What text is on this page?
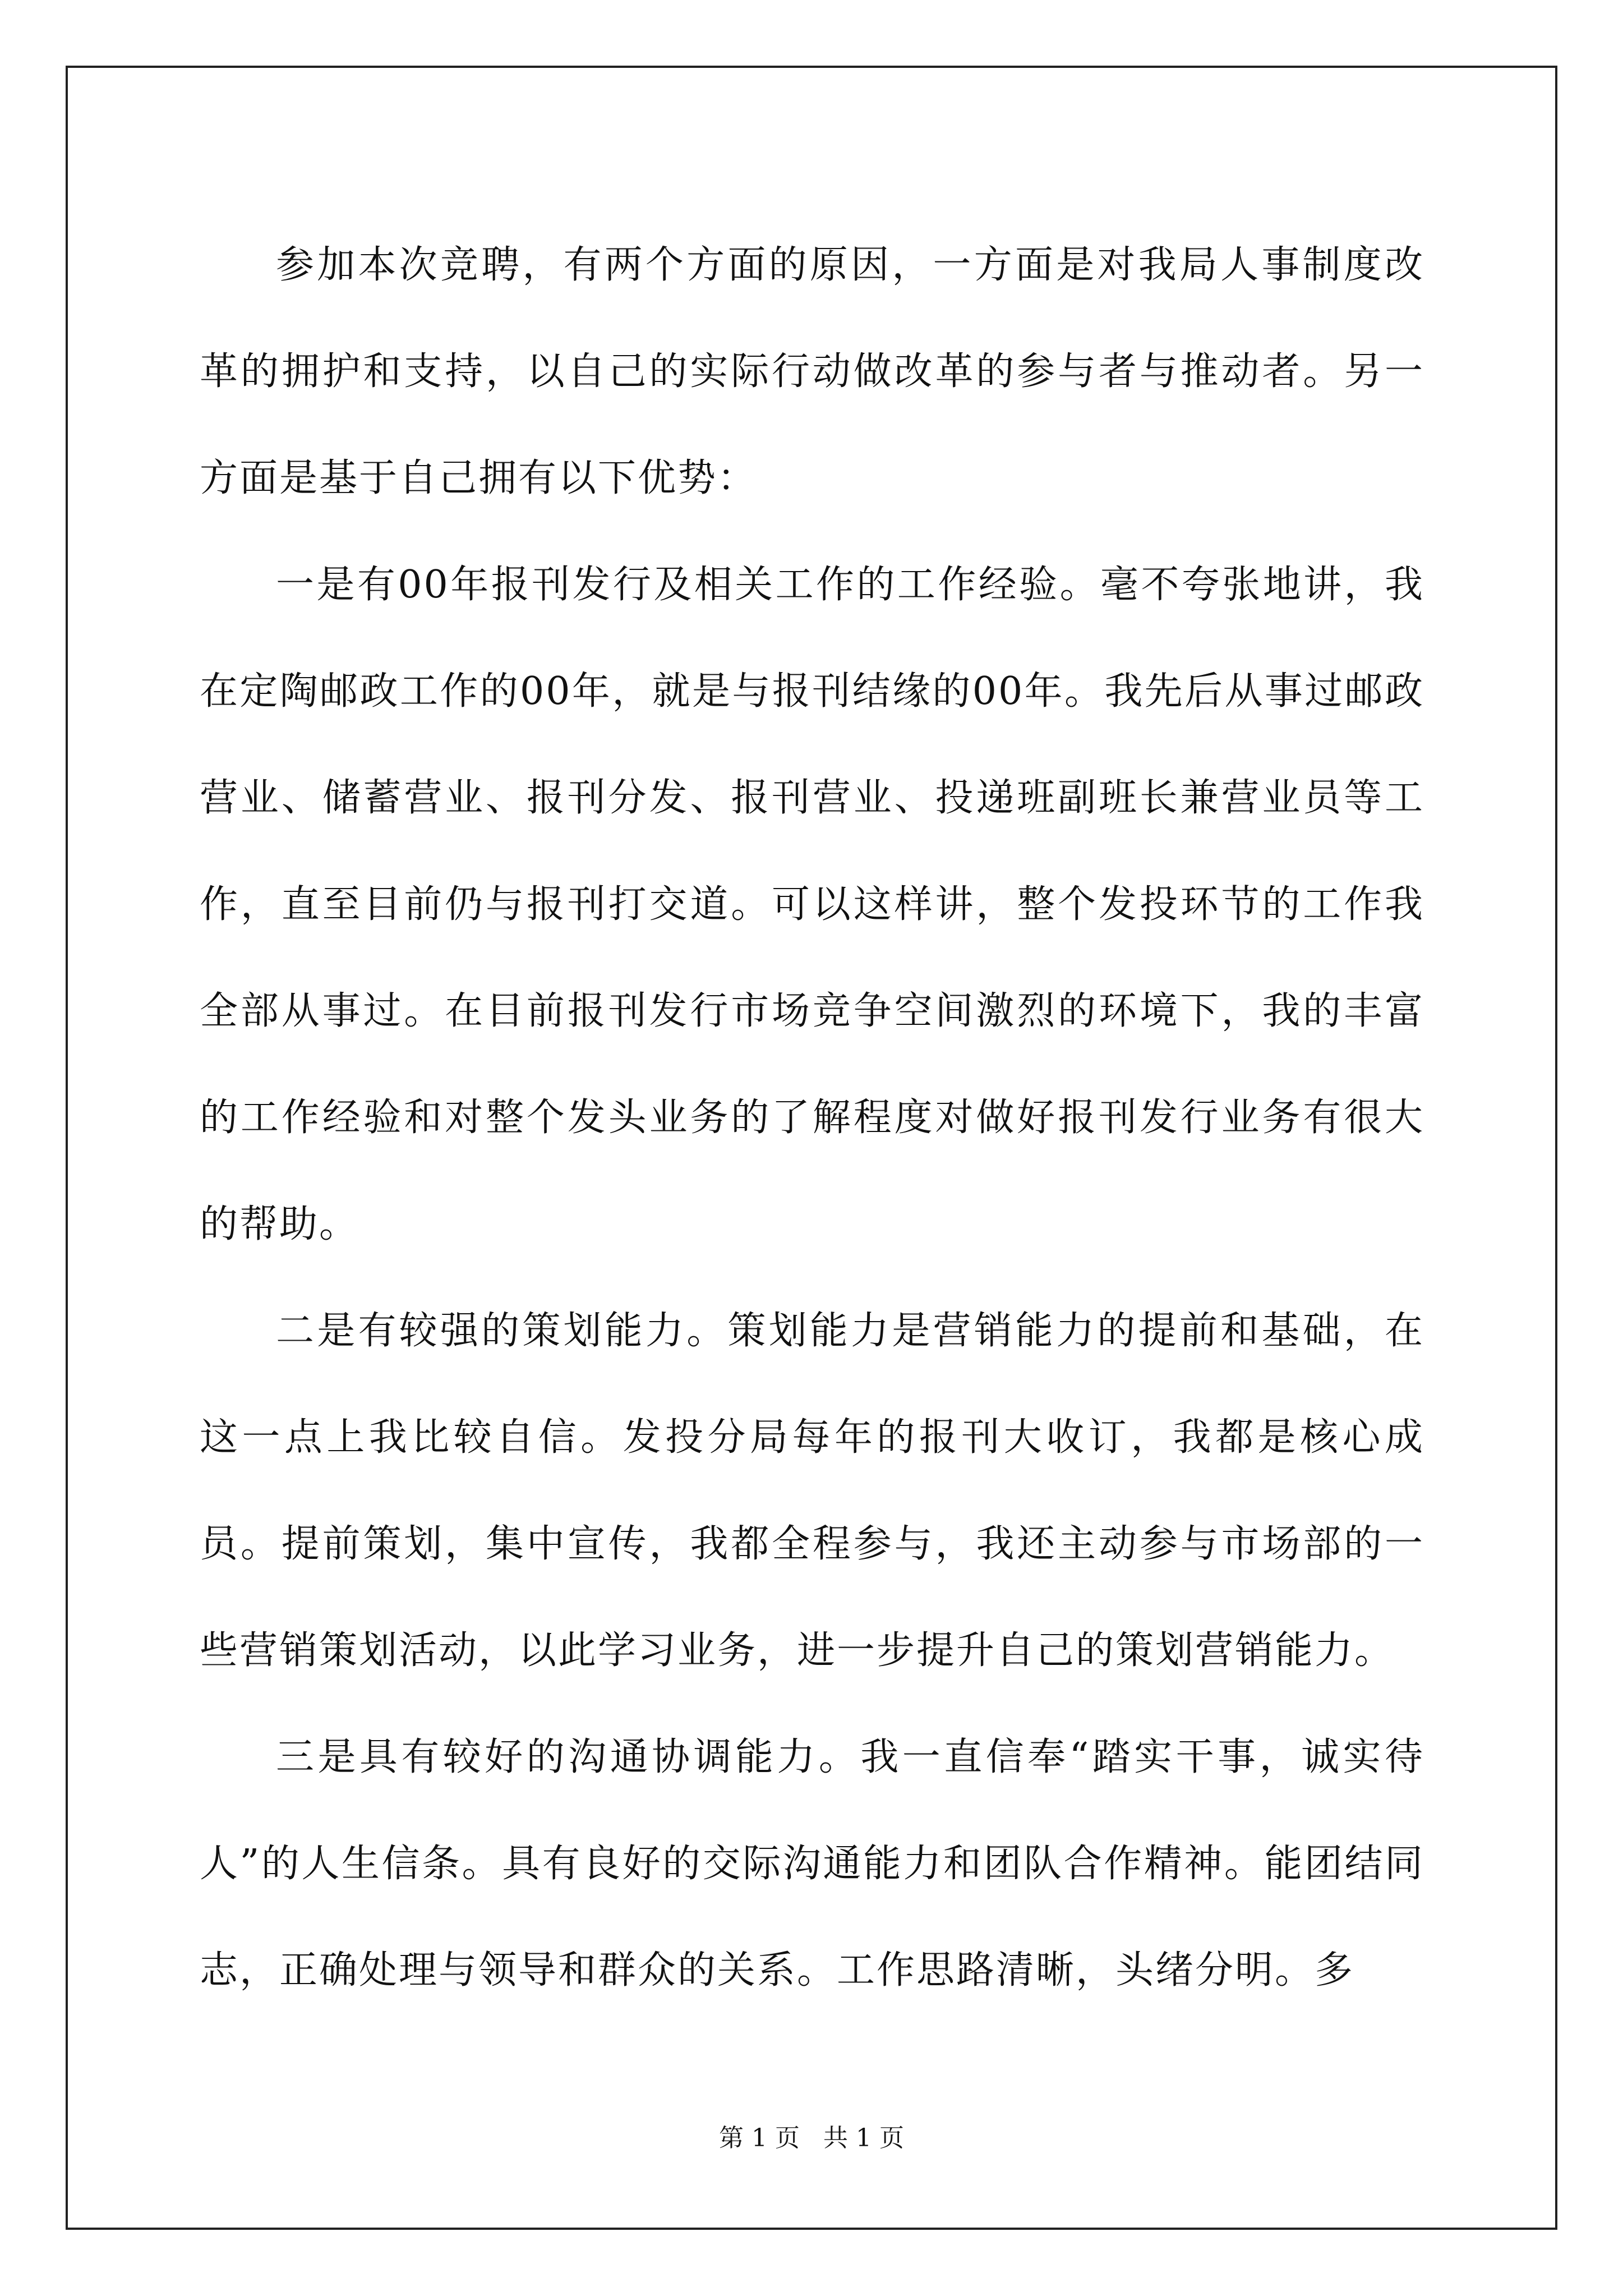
参加本次竞聘，有两个方面的原因，一方面是对我局人事制度改革的拥护和支持，以自己的实际行动做改革的参与者与推动者。另一方面是基于自己拥有以下优势：

一是有00年报刊发行及相关工作的工作经验。毫不夸张地讲，我在定陶邮政工作的00年，就是与报刊结缘的00年。我先后从事过邮政营业、储蓄营业、报刊分发、报刊营业、投递班副班长兼营业员等工作，直至目前仍与报刊打交道。可以这样讲，整个发投环节的工作我全部从事过。在目前报刊发行市场竞争空间激烈的环境下，我的丰富的工作经验和对整个发头业务的了解程度对做好报刊发行业务有很大的帮助。

二是有较强的策划能力。策划能力是营销能力的提前和基础，在这一点上我比较自信。发投分局每年的报刊大收订，我都是核心成员。提前策划，集中宣传，我都全程参与，我还主动参与市场部的一些营销策划活动，以此学习业务，进一步提升自己的策划营销能力。

三是具有较好的沟通协调能力。我一直信奉“踏实干事，诚实待人”的人生信条。具有良好的交际沟通能力和团队合作精神。能团结同志，正确处理与领导和群众的关系。工作思路清晰，头绪分明。多

第 1 页   共 1 页
